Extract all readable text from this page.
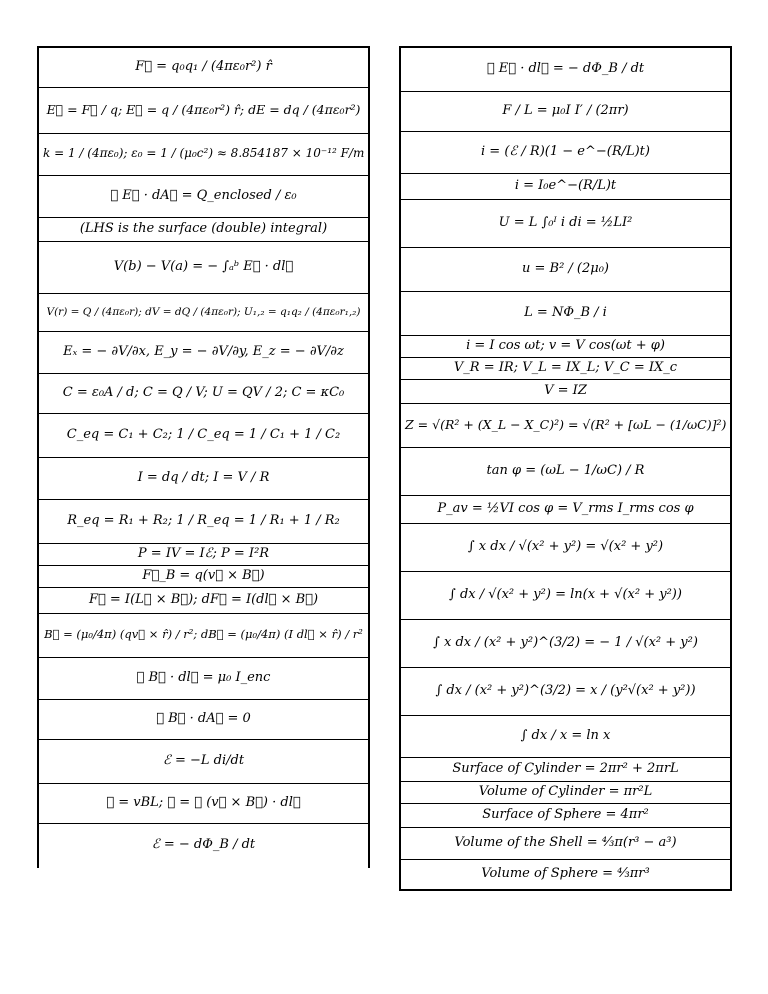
F⃗ = q₀q₁ / (4πε₀r²) r̂
E⃗ = F⃗ / q; E⃗ = q / (4πε₀r²) r̂; dE = dq / (4πε₀r²)
k = 1 / (4πε₀); ε₀ = 1 / (μ₀c²) ≈ 8.854187 × 10⁻¹² F/m
∮ E⃗ · dA⃗ = Q_enclosed / ε₀
(LHS is the surface (double) integral)
V(b) − V(a) = − ∫ₐᵇ E⃗ · dl⃗
V(r) = Q / (4πε₀r); dV = dQ / (4πε₀r); U₁,₂ = q₁q₂ / (4πε₀r₁,₂)
Eₓ = − ∂V/∂x, E_y = − ∂V/∂y, E_z = − ∂V/∂z
C = ε₀A / d; C = Q / V; U = QV / 2; C = κC₀
C_eq = C₁ + C₂; 1 / C_eq = 1 / C₁ + 1 / C₂
I = dq / dt; I = V / R
R_eq = R₁ + R₂; 1 / R_eq = 1 / R₁ + 1 / R₂
P = IV = Iℰ; P = I²R
F⃗_B = q(v⃗ × B⃗)
F⃗ = I(L⃗ × B⃗); dF⃗ = I(dl⃗ × B⃗)
B⃗ = (μ₀/4π) (qv⃗ × r̂) / r²; dB⃗ = (μ₀/4π) (I dl⃗ × r̂) / r²
∮ B⃗ · dl⃗ = μ₀ I_enc
∮ B⃗ · dA⃗ = 0
ℰ = −L di/dt
ℰ = vBL; ℰ = ∮ (v⃗ × B⃗) · dl⃗
ℰ = − dΦ_B / dt
∮ E⃗ · dl⃗ = − dΦ_B / dt
F / L = μ₀I I′ / (2πr)
i = (ℰ / R)(1 − e^−(R/L)t)
i = I₀e^−(R/L)t
U = L ∫₀ᴵ i di = ½LI²
u = B² / (2μ₀)
L = NΦ_B / i
i = I cos ωt; v = V cos(ωt + φ)
V_R = IR; V_L = IX_L; V_C = IX_c
V = IZ
Z = √(R² + (X_L − X_C)²) = √(R² + [ωL − (1/ωC)]²)
tan φ = (ωL − 1/ωC) / R
P_av = ½VI cos φ = V_rms I_rms cos φ
∫ x dx / √(x² + y²) = √(x² + y²)
∫ dx / √(x² + y²) = ln(x + √(x² + y²))
∫ x dx / (x² + y²)^(3/2) = − 1 / √(x² + y²)
∫ dx / (x² + y²)^(3/2) = x / (y²√(x² + y²))
∫ dx / x = ln x
Surface of Cylinder = 2πr² + 2πrL
Volume of Cylinder = πr²L
Surface of Sphere = 4πr²
Volume of the Shell = ⁴⁄₃π(r³ − a³)
Volume of Sphere = ⁴⁄₃πr³
